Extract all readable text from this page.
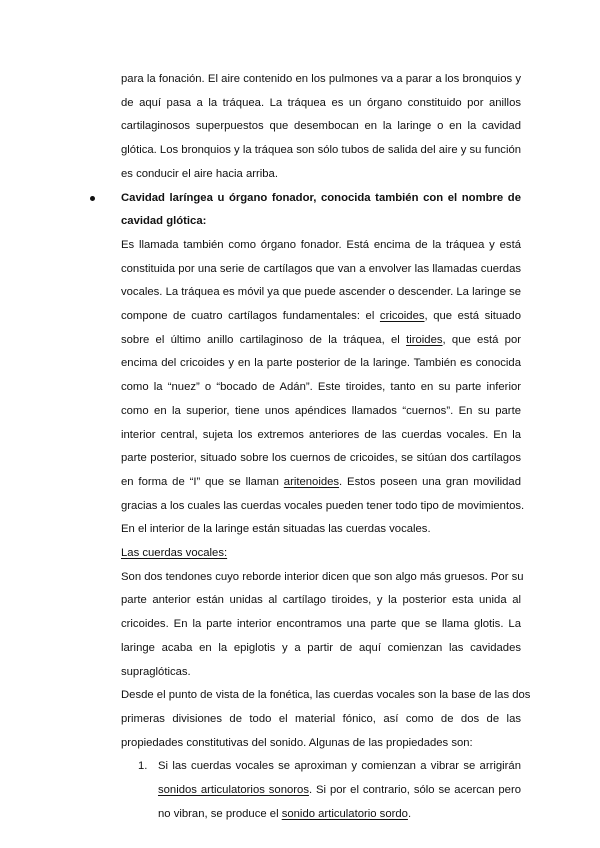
para la fonación. El aire contenido en los pulmones va a parar a los bronquios y
de aquí pasa a la tráquea. La tráquea es un órgano constituido por anillos
cartilaginosos superpuestos que desembocan en la laringe o en la cavidad
glótica. Los bronquios y la tráquea son sólo tubos de salida del aire y su función
es conducir el aire hacia arriba.
Cavidad laríngea u órgano fonador, conocida también con el nombre de
cavidad glótica:
Es llamada también como órgano fonador. Está encima de la tráquea y está
constituida por una serie de cartílagos que van a envolver las llamadas cuerdas
vocales. La tráquea es móvil ya que puede ascender o descender. La laringe se
compone de cuatro cartílagos fundamentales: el cricoides, que está situado
sobre el último anillo cartilaginoso de la tráquea, el tiroides, que está por
encima del cricoides y en la parte posterior de la laringe. También es conocida
como la “nuez” o “bocado de Adán”. Este tiroides, tanto en su parte inferior
como en la superior, tiene unos apéndices llamados “cuernos”. En su parte
interior central, sujeta los extremos anteriores de las cuerdas vocales. En la
parte posterior, situado sobre los cuernos de cricoides, se sitúan dos cartílagos
en forma de “I” que se llaman aritenoides. Estos poseen una gran movilidad
gracias a los cuales las cuerdas vocales pueden tener todo tipo de movimientos.
En el interior de la laringe están situadas las cuerdas vocales.
Las cuerdas vocales:
Son dos tendones cuyo reborde interior dicen que son algo más gruesos. Por su
parte anterior están unidas al cartílago tiroides, y la posterior esta unida al
cricoides. En la parte interior encontramos una parte que se llama glotis. La
laringe acaba en la epiglotis y a partir de aquí comienzan las cavidades
supraglóticas.
Desde el punto de vista de la fonética, las cuerdas vocales son la base de las dos
primeras divisiones de todo el material fónico, así como de dos de las
propiedades constitutivas del sonido. Algunas de las propiedades son:
1. Si las cuerdas vocales se aproximan y comienzan a vibrar se arrigirán
sonidos articulatorios sonoros. Si por el contrario, sólo se acercan pero
no vibran, se produce el sonido articulatorio sordo.
